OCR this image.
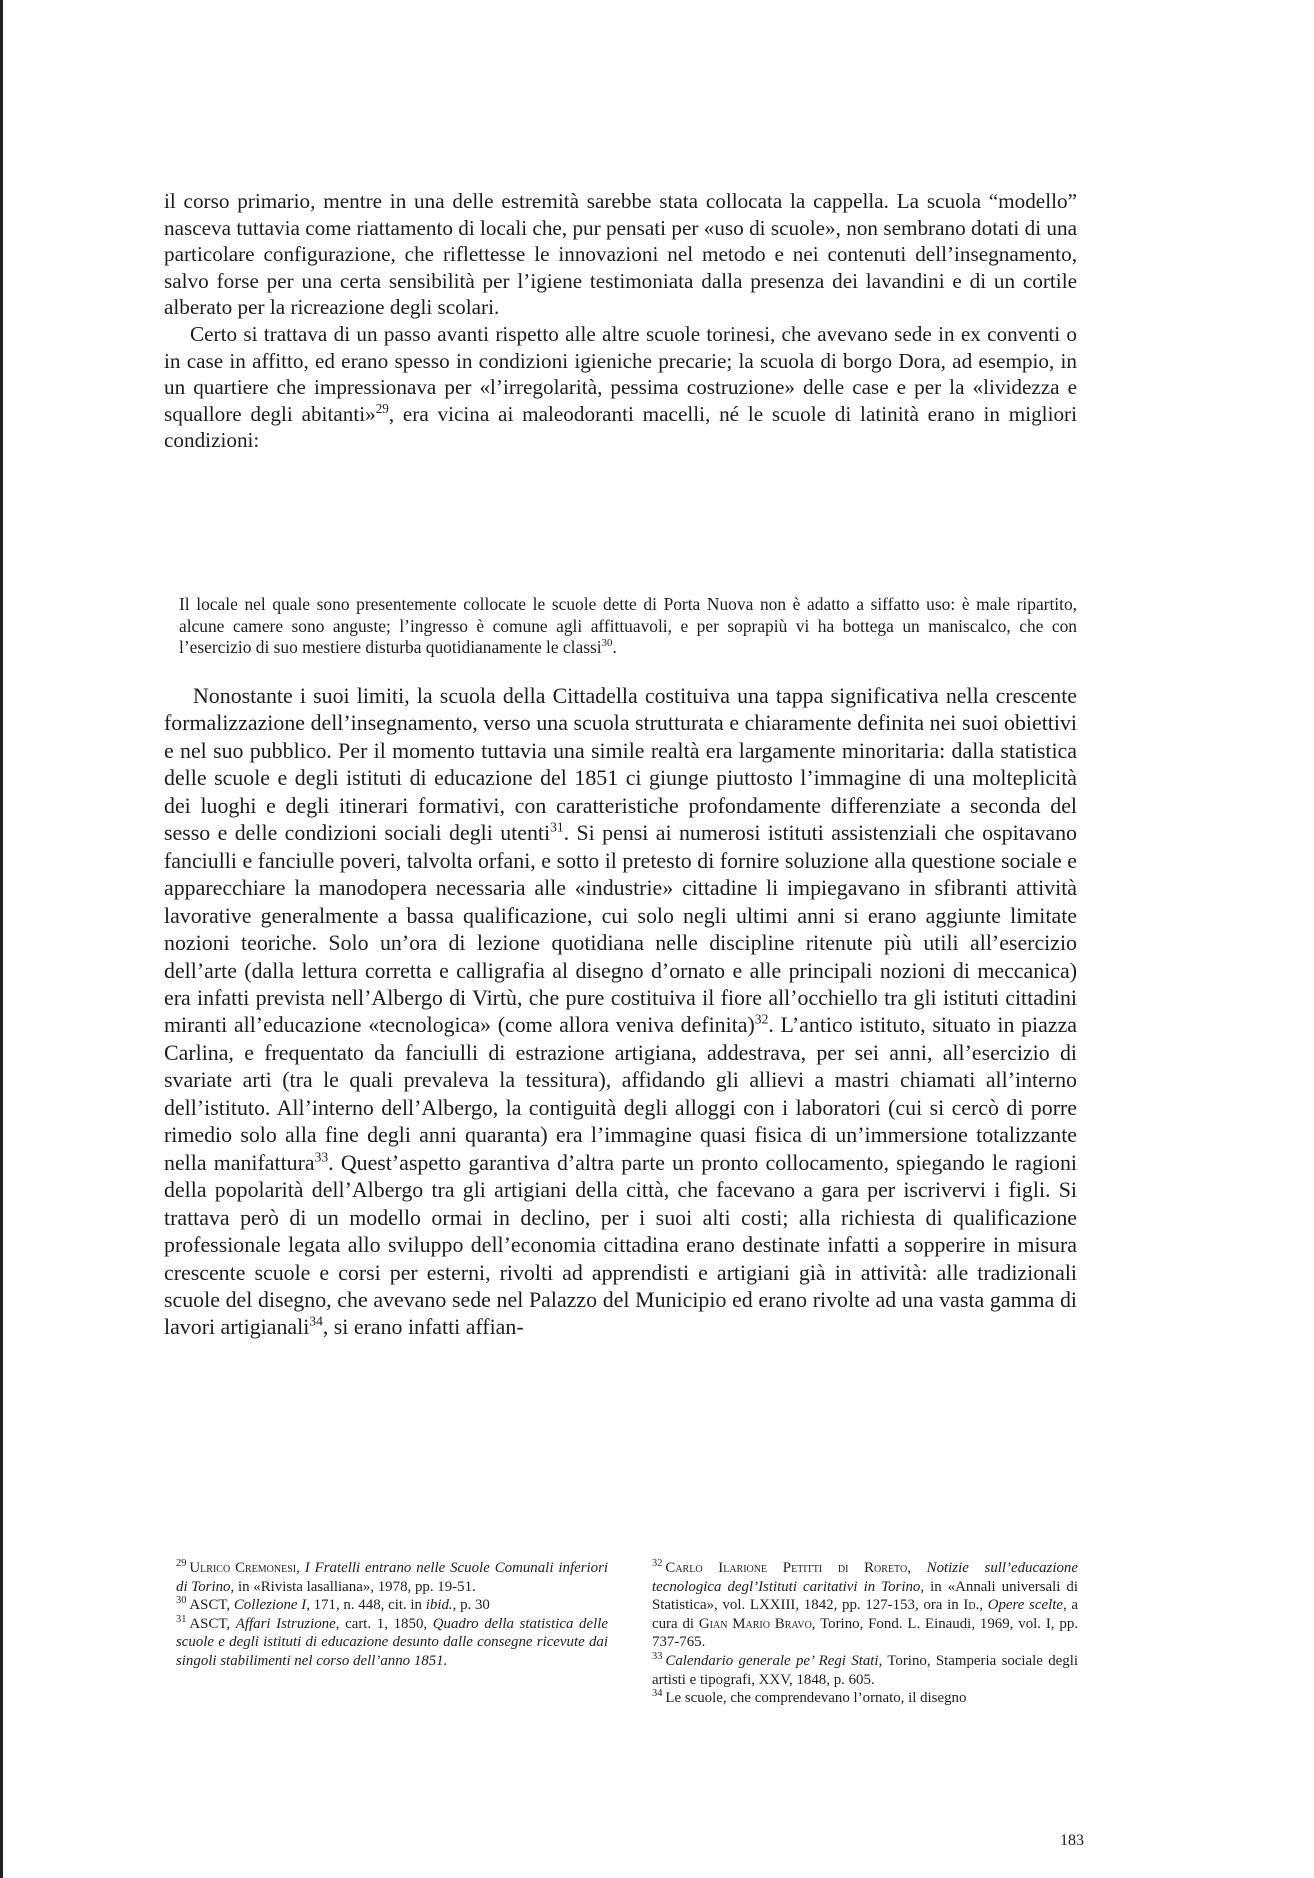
il corso primario, mentre in una delle estremità sarebbe stata collocata la cappella. La scuola “modello” nasceva tuttavia come riattamento di locali che, pur pensati per «uso di scuole», non sembrano dotati di una particolare configurazione, che riflettesse le innovazioni nel metodo e nei contenuti dell’insegnamento, salvo forse per una certa sensibilità per l’igiene testimoniata dalla presenza dei lavandini e di un cortile alberato per la ricreazione degli scolari.

Certo si trattava di un passo avanti rispetto alle altre scuole torinesi, che avevano sede in ex conventi o in case in affitto, ed erano spesso in condizioni igieniche precarie; la scuola di borgo Dora, ad esempio, in un quartiere che impressionava per «l’irregolarità, pessima costruzione» delle case e per la «lividezza e squallore degli abitanti»$^{29}$, era vicina ai maleodoranti macelli, né le scuole di latinità erano in migliori condizioni:

Il locale nel quale sono presentemente collocate le scuole dette di Porta Nuova non è adatto a siffatto uso: è male ripartito, alcune camere sono anguste; l’ingresso è comune agli affittuavoli, e per soprapiù vi ha bottega un maniscalco, che con l’esercizio di suo mestiere disturba quotidianamente le classi$^{30}$.

Nonostante i suoi limiti, la scuola della Cittadella costituiva una tappa significativa nella crescente formalizzazione dell’insegnamento, verso una scuola strutturata e chiaramente definita nei suoi obiettivi e nel suo pubblico. Per il momento tuttavia una simile realtà era largamente minoritaria: dalla statistica delle scuole e degli istituti di educazione del 1851 ci giunge piuttosto l’immagine di una molteplicità dei luoghi e degli itinerari formativi, con caratteristiche profondamente differenziate a seconda del sesso e delle condizioni sociali degli utenti$^{31}$. Si pensi ai numerosi istituti assistenziali che ospitavano fanciulli e fanciulle poveri, talvolta orfani, e sotto il pretesto di fornire soluzione alla questione sociale e apparecchiare la manodopera necessaria alle «industrie» cittadine li impiegavano in sfibranti attività lavorative generalmente a bassa qualificazione, cui solo negli ultimi anni si erano aggiunte limitate nozioni teoriche. Solo un’ora di lezione quotidiana nelle discipline ritenute più utili all’esercizio dell’arte (dalla lettura corretta e calligrafia al disegno d’ornato e alle principali nozioni di meccanica) era infatti prevista nell’Albergo di Virtù, che pure costituiva il fiore all’occhiello tra gli istituti cittadini miranti all’educazione «tecnologica» (come allora veniva definita)$^{32}$. L’antico istituto, situato in piazza Carlina, e frequentato da fanciulli di estrazione artigiana, addestrava, per sei anni, all’esercizio di svariate arti (tra le quali prevaleva la tessitura), affidando gli allievi a mastri chiamati all’interno dell’istituto. All’interno dell’Albergo, la contiguità degli alloggi con i laboratori (cui si cercò di porre rimedio solo alla fine degli anni quaranta) era l’immagine quasi fisica di un’immersione totalizzante nella manifattura$^{33}$. Quest’aspetto garantiva d’altra parte un pronto collocamento, spiegando le ragioni della popolarità dell’Albergo tra gli artigiani della città, che facevano a gara per iscrivervi i figli. Si trattava però di un modello ormai in declino, per i suoi alti costi; alla richiesta di qualificazione professionale legata allo sviluppo dell’economia cittadina erano destinate infatti a sopperire in misura crescente scuole e corsi per esterni, rivolti ad apprendisti e artigiani già in attività: alle tradizionali scuole del disegno, che avevano sede nel Palazzo del Municipio ed erano rivolte ad una vasta gamma di lavori artigianali$^{34}$, si erano infatti affian-

$^{29}$ Ulrico Cremonesi, I Fratelli entrano nelle Scuole Comunali inferiori di Torino, in «Rivista lasalliana», 1978, pp. 19-51.

$^{30}$ ASCT, Collezione I, 171, n. 448, cit. in ibid., p. 30

$^{31}$ ASCT, Affari Istruzione, cart. 1, 1850, Quadro della statistica delle scuole e degli istituti di educazione desunto dalle consegne ricevute dai singoli stabilimenti nel corso dell’anno 1851.

$^{32}$ Carlo Ilarione Petitti di Roreto, Notizie sull’educazione tecnologica degl’Istituti caritativi in Torino, in «Annali universali di Statistica», vol. LXXIII, 1842, pp. 127-153, ora in Id., Opere scelte, a cura di Gian Mario Bravo, Torino, Fond. L. Einaudi, 1969, vol. I, pp. 737-765.

$^{33}$ Calendario generale pe’ Regi Stati, Torino, Stamperia sociale degli artisti e tipografi, XXV, 1848, p. 605.

$^{34}$ Le scuole, che comprendevano l’ornato, il disegno

183
